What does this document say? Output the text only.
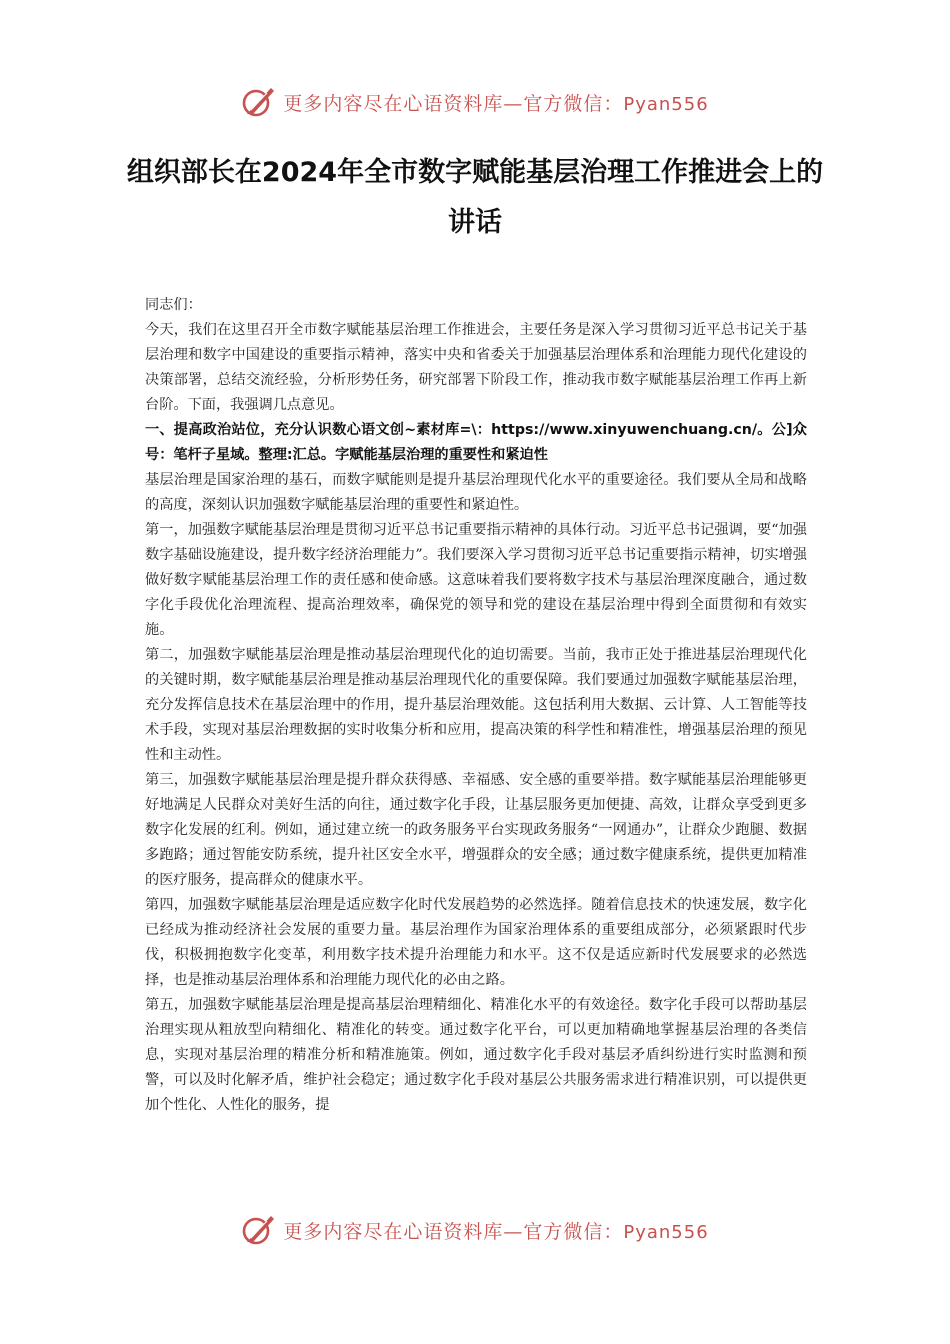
更多内容尽在心语资料库—官方微信：Pyan556
组织部长在2024年全市数字赋能基层治理工作推进会上的讲话

同志们：

今天，我们在这里召开全市数字赋能基层治理工作推进会，主要任务是深入学习贯彻习近平总书记关于基层治理和数字中国建设的重要指示精神，落实中央和省委关于加强基层治理体系和治理能力现代化建设的决策部署，总结交流经验，分析形势任务，研究部署下阶段工作，推动我市数字赋能基层治理工作再上新台阶。下面，我强调几点意见。

一、提高政治站位，充分认识数心语文创~素材库=\：https://www.xinyuwenchuang.cn/。公]众号：笔杆子星域。整理:汇总。字赋能基层治理的重要性和紧迫性

基层治理是国家治理的基石，而数字赋能则是提升基层治理现代化水平的重要途径。我们要从全局和战略的高度，深刻认识加强数字赋能基层治理的重要性和紧迫性。

第一，加强数字赋能基层治理是贯彻习近平总书记重要指示精神的具体行动。习近平总书记强调，要“加强数字基础设施建设，提升数字经济治理能力”。我们要深入学习贯彻习近平总书记重要指示精神，切实增强做好数字赋能基层治理工作的责任感和使命感。这意味着我们要将数字技术与基层治理深度融合，通过数字化手段优化治理流程、提高治理效率，确保党的领导和党的建设在基层治理中得到全面贯彻和有效实施。

第二，加强数字赋能基层治理是推动基层治理现代化的迫切需要。当前，我市正处于推进基层治理现代化的关键时期，数字赋能基层治理是推动基层治理现代化的重要保障。我们要通过加强数字赋能基层治理，充分发挥信息技术在基层治理中的作用，提升基层治理效能。这包括利用大数据、云计算、人工智能等技术手段，实现对基层治理数据的实时收集分析和应用，提高决策的科学性和精准性，增强基层治理的预见性和主动性。

第三，加强数字赋能基层治理是提升群众获得感、幸福感、安全感的重要举措。数字赋能基层治理能够更好地满足人民群众对美好生活的向往，通过数字化手段，让基层服务更加便捷、高效，让群众享受到更多数字化发展的红利。例如，通过建立统一的政务服务平台实现政务服务“一网通办”，让群众少跑腿、数据多跑路；通过智能安防系统，提升社区安全水平，增强群众的安全感；通过数字健康系统，提供更加精准的医疗服务，提高群众的健康水平。

第四，加强数字赋能基层治理是适应数字化时代发展趋势的必然选择。随着信息技术的快速发展，数字化已经成为推动经济社会发展的重要力量。基层治理作为国家治理体系的重要组成部分，必须紧跟时代步伐，积极拥抱数字化变革，利用数字技术提升治理能力和水平。这不仅是适应新时代发展要求的必然选择，也是推动基层治理体系和治理能力现代化的必由之路。

第五，加强数字赋能基层治理是提高基层治理精细化、精准化水平的有效途径。数字化手段可以帮助基层治理实现从粗放型向精细化、精准化的转变。通过数字化平台，可以更加精确地掌握基层治理的各类信息，实现对基层治理的精准分析和精准施策。例如，通过数字化手段对基层矛盾纠纷进行实时监测和预警，可以及时化解矛盾，维护社会稳定；通过数字化手段对基层公共服务需求进行精准识别，可以提供更加个性化、人性化的服务，提

更多内容尽在心语资料库—官方微信：Pyan556
